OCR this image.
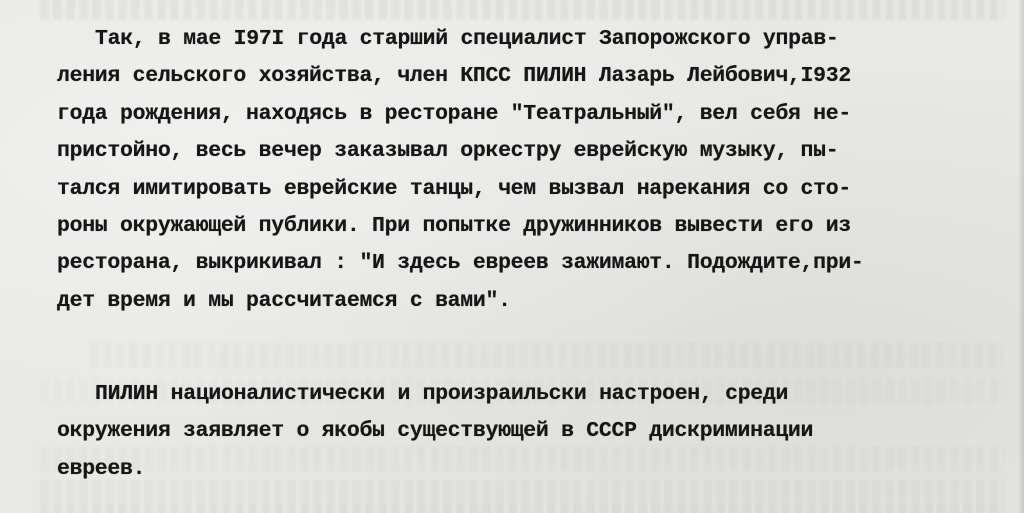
Так, в мае I97I года старший специалист Запорожского управ-
ления сельского хозяйства, член КПСС ПИЛИН Лазарь Лейбович,I932
года рождения, находясь в ресторане "Театральный", вел себя не-
пристойно, весь вечер заказывал оркестру еврейскую музыку, пы-
тался имитировать еврейские танцы, чем вызвал нарекания со сто-
роны окружающей публики. При попытке дружинников вывести его из
ресторана, выкрикивал : "И здесь евреев зажимают. Подождите,при-
дет время и мы рассчитаемся с вами".
ПИЛИН националистически и произраильски настроен, среди
окружения заявляет о якобы существующей в СССР дискриминации
евреев.
